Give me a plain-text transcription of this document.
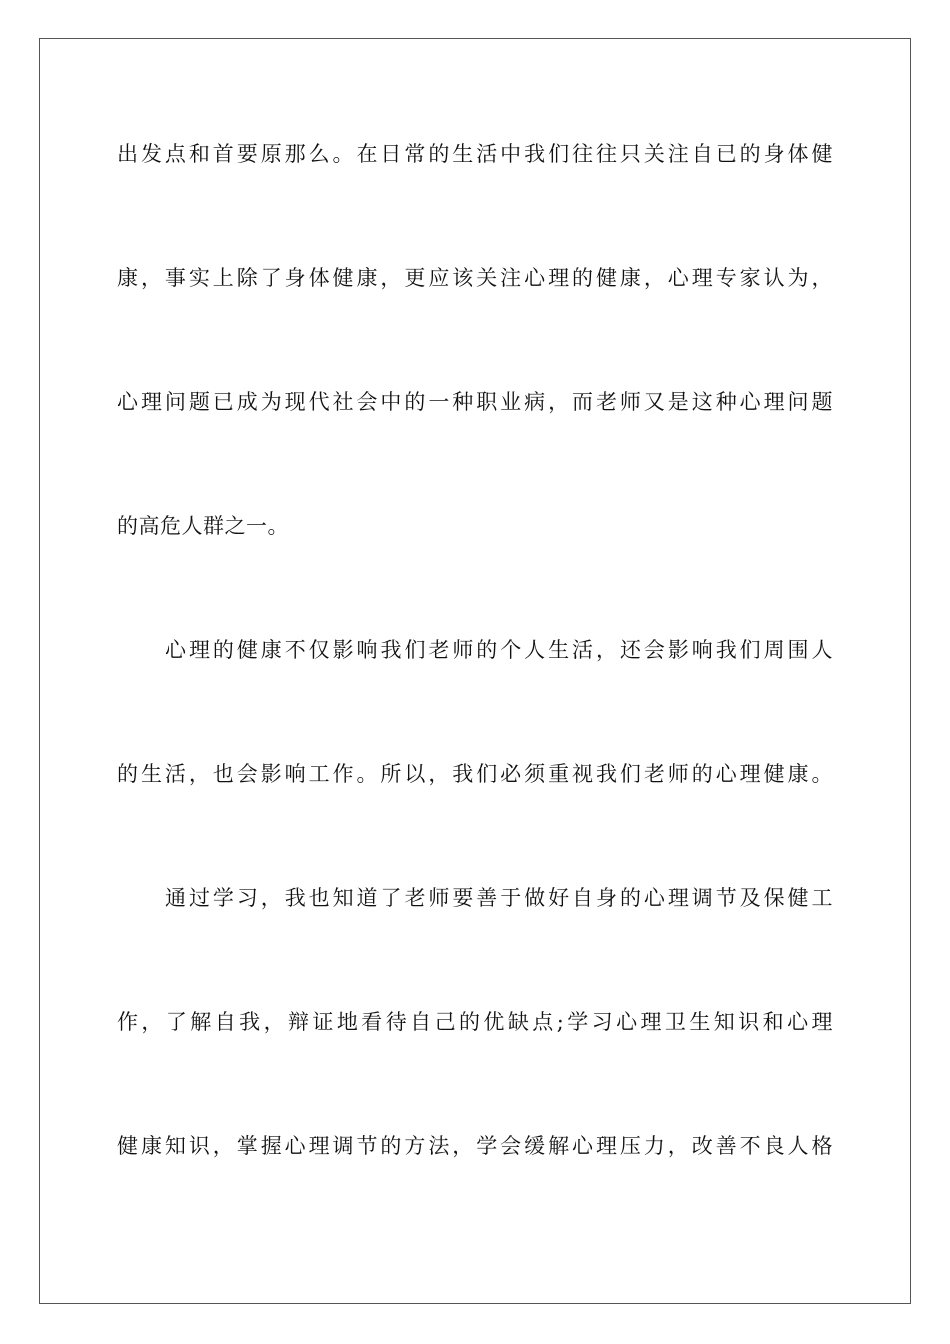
出发点和首要原那么。在日常的生活中我们往往只关注自已的身体健
康，事实上除了身体健康，更应该关注心理的健康，心理专家认为，
心理问题已成为现代社会中的一种职业病，而老师又是这种心理问题
的高危人群之一。
心理的健康不仅影响我们老师的个人生活，还会影响我们周围人
的生活，也会影响工作。所以，我们必须重视我们老师的心理健康。
通过学习，我也知道了老师要善于做好自身的心理调节及保健工
作，了解自我，辩证地看待自己的优缺点;学习心理卫生知识和心理
健康知识，掌握心理调节的方法，学会缓解心理压力，改善不良人格
